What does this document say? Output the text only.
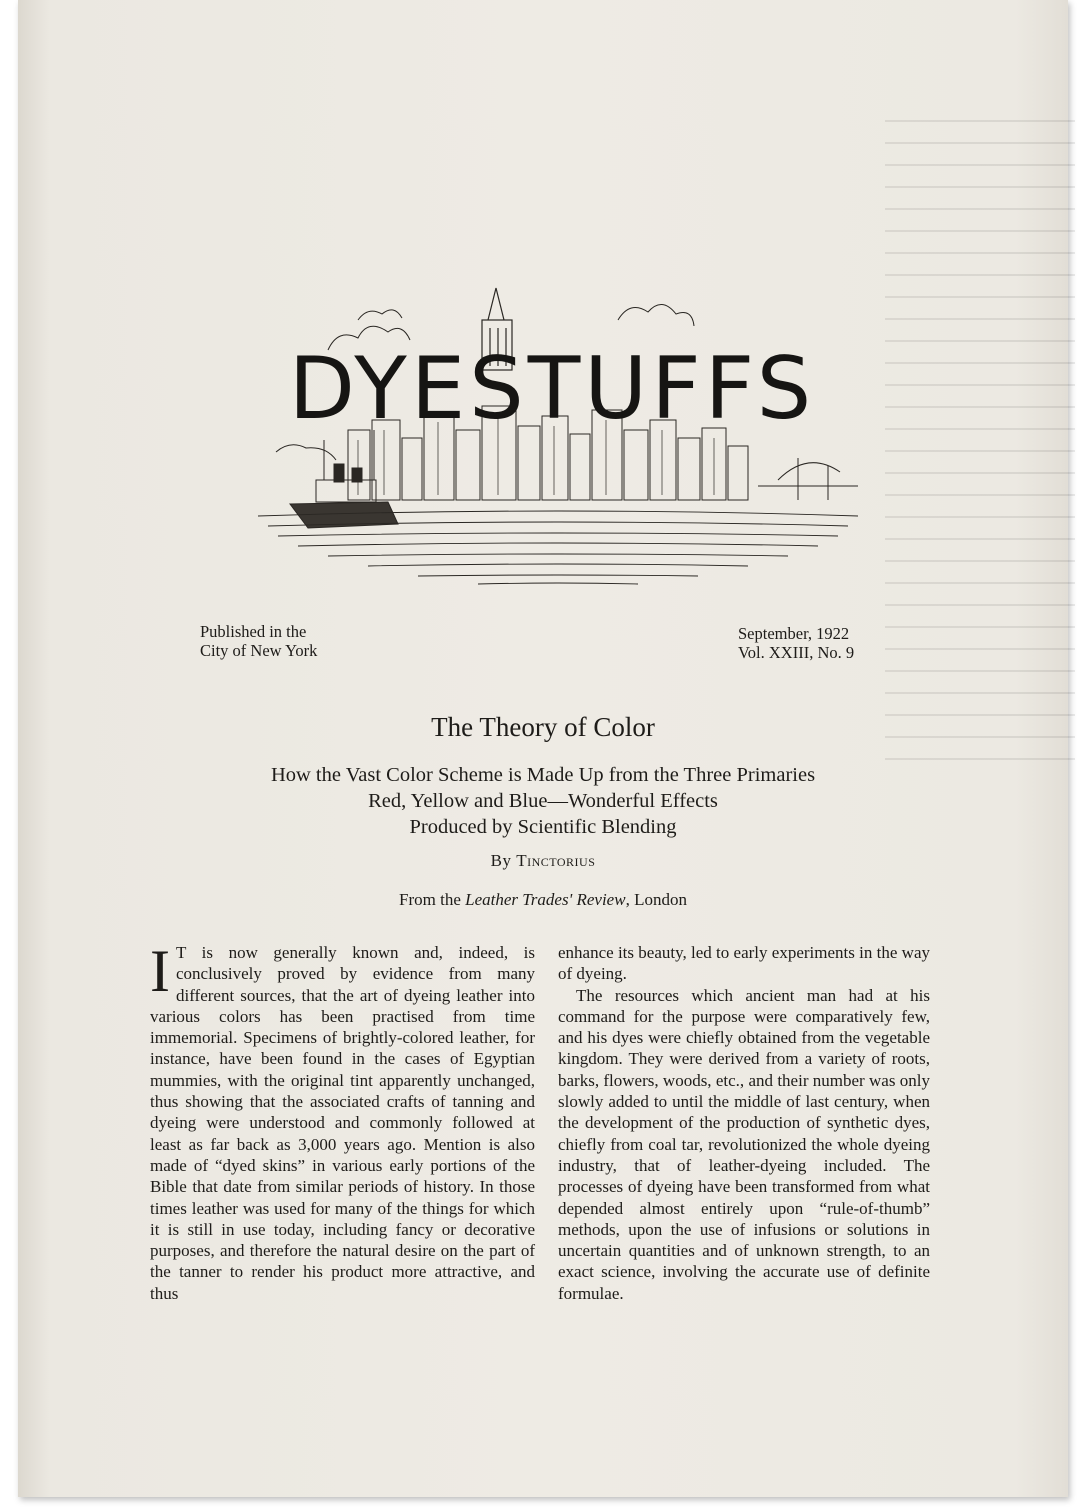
DYESTUFFS
Published in the
City of New York
September, 1922
Vol. XXIII, No. 9
The Theory of Color
How the Vast Color Scheme is Made Up from the Three Primaries
Red, Yellow and Blue—Wonderful Effects
Produced by Scientific Blending
By Tinctorius
From the Leather Trades' Review, London

I T is now generally known and, indeed, is conclusively proved by evidence from many different sources, that the art of dyeing leather into various colors has been practised from time immemorial. Specimens of brightly-colored leather, for instance, have been found in the cases of Egyptian mummies, with the original tint apparently unchanged, thus showing that the associated crafts of tanning and dyeing were understood and commonly followed at least as far back as 3,000 years ago. Mention is also made of “dyed skins” in various early portions of the Bible that date from similar periods of history. In those times leather was used for many of the things for which it is still in use today, including fancy or decorative purposes, and therefore the natural desire on the part of the tanner to render his product more attractive, and thus

enhance its beauty, led to early experiments in the way of dyeing.

The resources which ancient man had at his command for the purpose were comparatively few, and his dyes were chiefly obtained from the vegetable kingdom. They were derived from a variety of roots, barks, flowers, woods, etc., and their number was only slowly added to until the middle of last century, when the development of the production of synthetic dyes, chiefly from coal tar, revolutionized the whole dyeing industry, that of leather-dyeing included. The processes of dyeing have been transformed from what depended almost entirely upon “rule-of-thumb” methods, upon the use of infusions or solutions in uncertain quantities and of unknown strength, to an exact science, involving the accurate use of definite formulae.
